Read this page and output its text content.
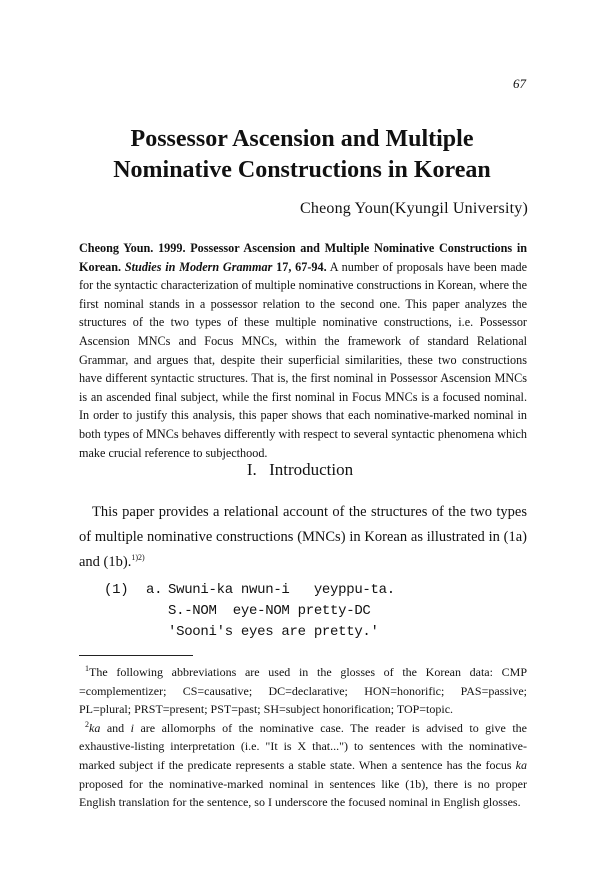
67
Possessor Ascension and Multiple
Nominative Constructions in Korean
Cheong Youn(Kyungil University)
Cheong Youn. 1999. Possessor Ascension and Multiple Nominative Constructions in Korean. Studies in Modern Grammar 17, 67-94. A number of proposals have been made for the syntactic characterization of multiple nominative constructions in Korean, where the first nominal stands in a possessor relation to the second one. This paper analyzes the structures of the two types of these multiple nominative constructions, i.e. Possessor Ascension MNCs and Focus MNCs, within the framework of standard Relational Grammar, and argues that, despite their superficial similarities, these two constructions have different syntactic structures. That is, the first nominal in Possessor Ascension MNCs is an ascended final subject, while the first nominal in Focus MNCs is a focused nominal. In order to justify this analysis, this paper shows that each nominative-marked nominal in both types of MNCs behaves differently with respect to several syntactic phenomena which make crucial reference to subjecthood.
I. Introduction
This paper provides a relational account of the structures of the two types of multiple nominative constructions (MNCs) in Korean as illustrated in (1a) and (1b).$^{1)2)}$
(1)	a. Swuni-ka nwun-i   yeyppu-ta.
S.-NOM  eye-NOM pretty-DC
'Sooni's eyes are pretty.'

$^1$The following abbreviations are used in the glosses of the Korean data: CMP =complementizer; CS=causative; DC=declarative; HON=honorific; PAS=passive; PL=plural; PRST=present; PST=past; SH=subject honorification; TOP=topic.

$^2$ka and i are allomorphs of the nominative case. The reader is advised to give the exhaustive-listing interpretation (i.e. "It is X that...") to sentences with the nominative-marked subject if the predicate represents a stable state. When a sentence has the focus ka proposed for the nominative-marked nominal in sentences like (1b), there is no proper English translation for the sentence, so I underscore the focused nominal in English glosses.
